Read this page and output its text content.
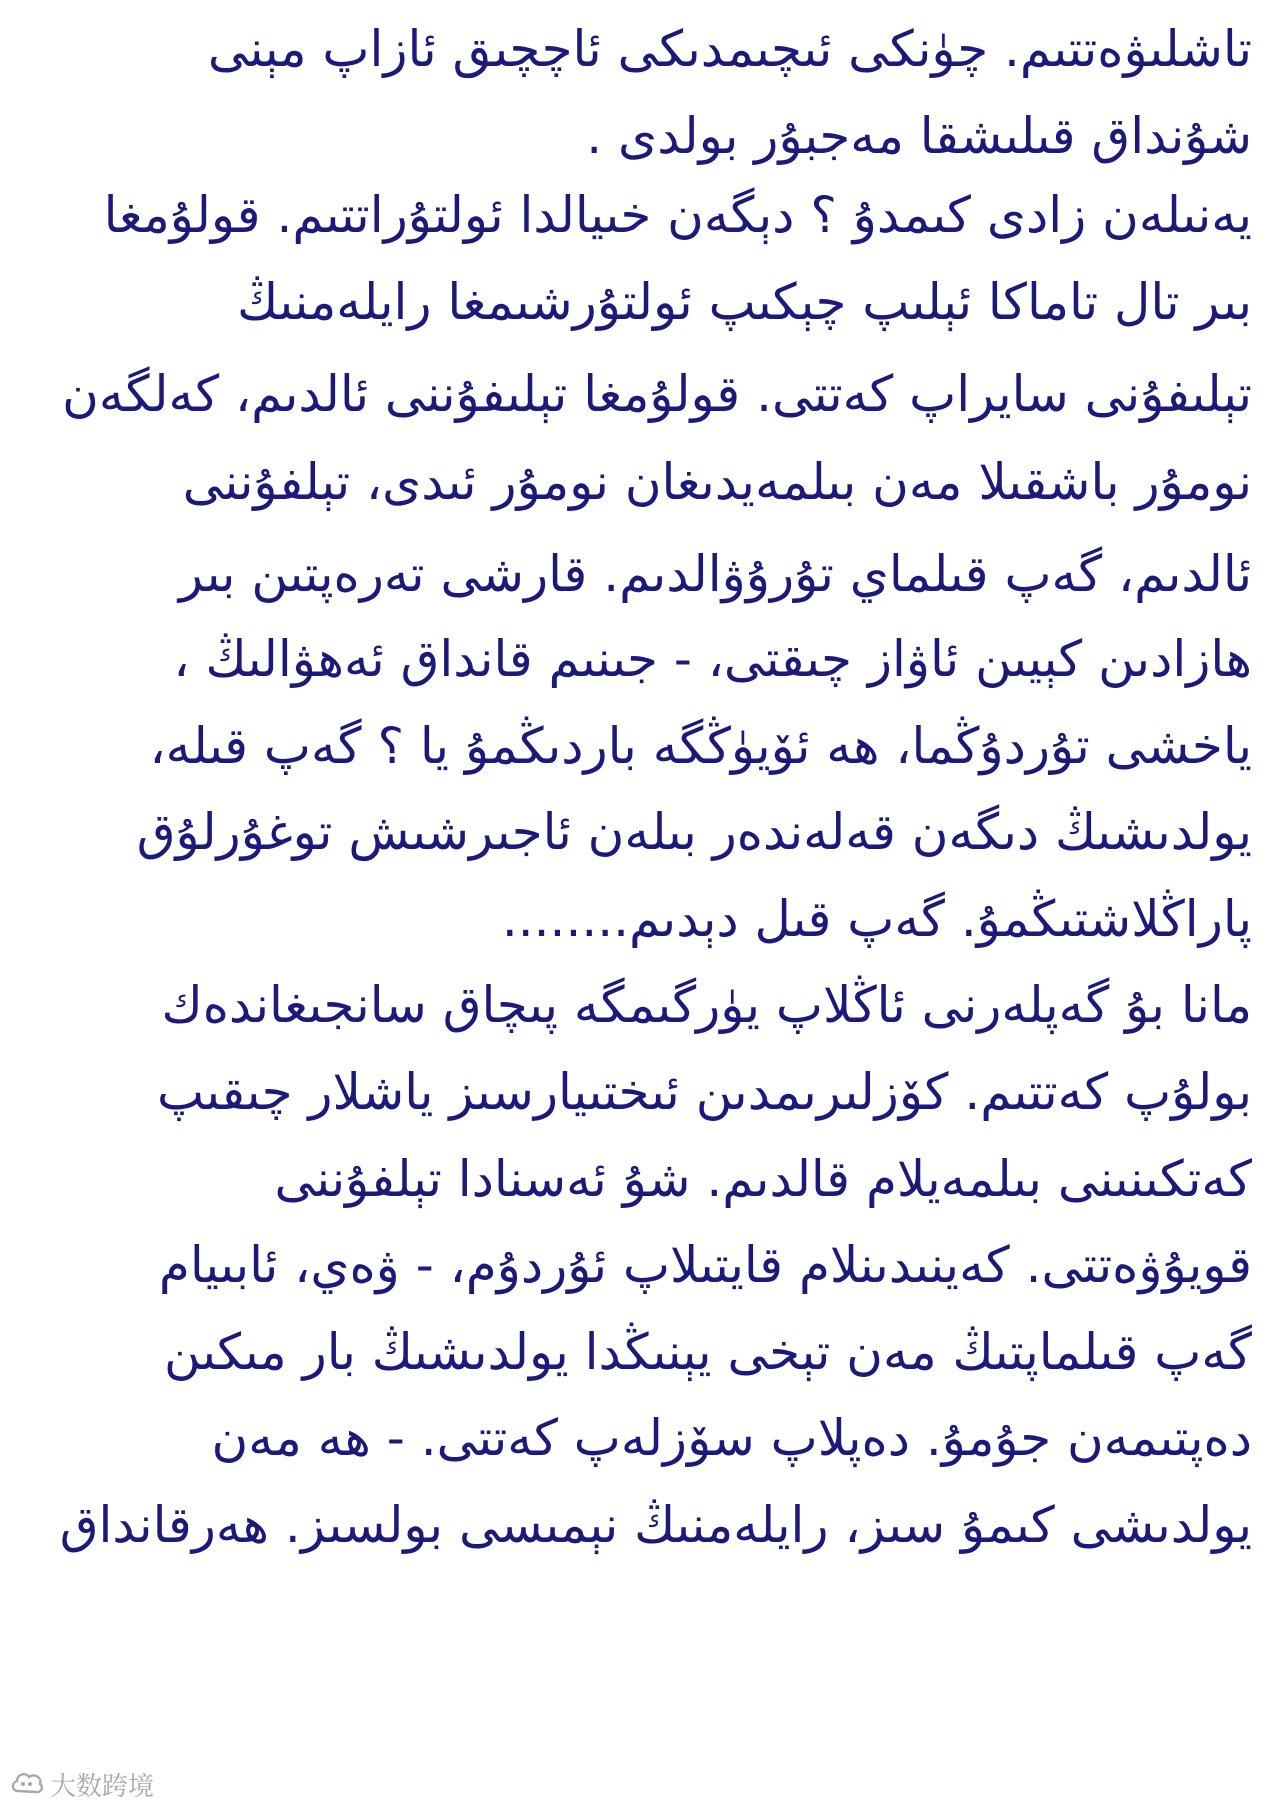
تاشلىۋەتتىم. چۈنكى ئىچىمدىكى ئاچچىق ئازاپ مېنى
شۇنداق قىلىشقا مەجبۇر بولدى .
يەنىلەن زادى كىمدۇ ؟ دېگەن خىيالدا ئولتۇراتتىم. قولۇمغا
بىر تال تاماكا ئېلىپ چېكىپ ئولتۇرشىمغا رايلەمنىڭ
تېلىفۇنى سايراپ كەتتى. قولۇمغا تېلىفۇننى ئالدىم، كەلگەن
نومۇر باشقىلا مەن بىلمەيدىغان نومۇر ئىدى، تېلفۇننى
ئالدىم، گەپ قىلماي تۇرۇۋالدىم. قارشى تەرەپتىن بىر
ھازادىن كېيىن ئاۋاز چىقتى، - جىنىم قانداق ئەھۋالىڭ ،
ياخشى تۇردۇڭما، ھە ئۆيۈڭگە باردىڭمۇ يا ؟ گەپ قىلە،
يولدىشىڭ دىگەن قەلەندەر بىلەن ئاجىرشىش توغۇرلۇق
پاراڭلاشتىڭمۇ. گەپ قىل دېدىم........
مانا بۇ گەپلەرنى ئاڭلاپ يۈرگىمگە پىچاق سانجىغاندەك
بولۇپ كەتتىم. كۆزلىرىمدىن ئىختىيارسىز ياشلار چىقىپ
كەتكىنىنى بىلمەيلام قالدىم. شۇ ئەسنادا تېلفۇننى
قويۇۋەتتى. كەينىدىنلام قايتىلاپ ئۇردۇم، - ۋەي، ئابىيام
گەپ قىلماپتىڭ مەن تېخى يېنىڭدا يولدىشىڭ بار مىكىن
دەپتىمەن جۇمۇ. دەپلاپ سۆزلەپ كەتتى. - ھە مەن
يولدىشى كىمۇ سىز، رايلەمنىڭ نېمىسى بولسىز. ھەرقانداق
大数跨境
